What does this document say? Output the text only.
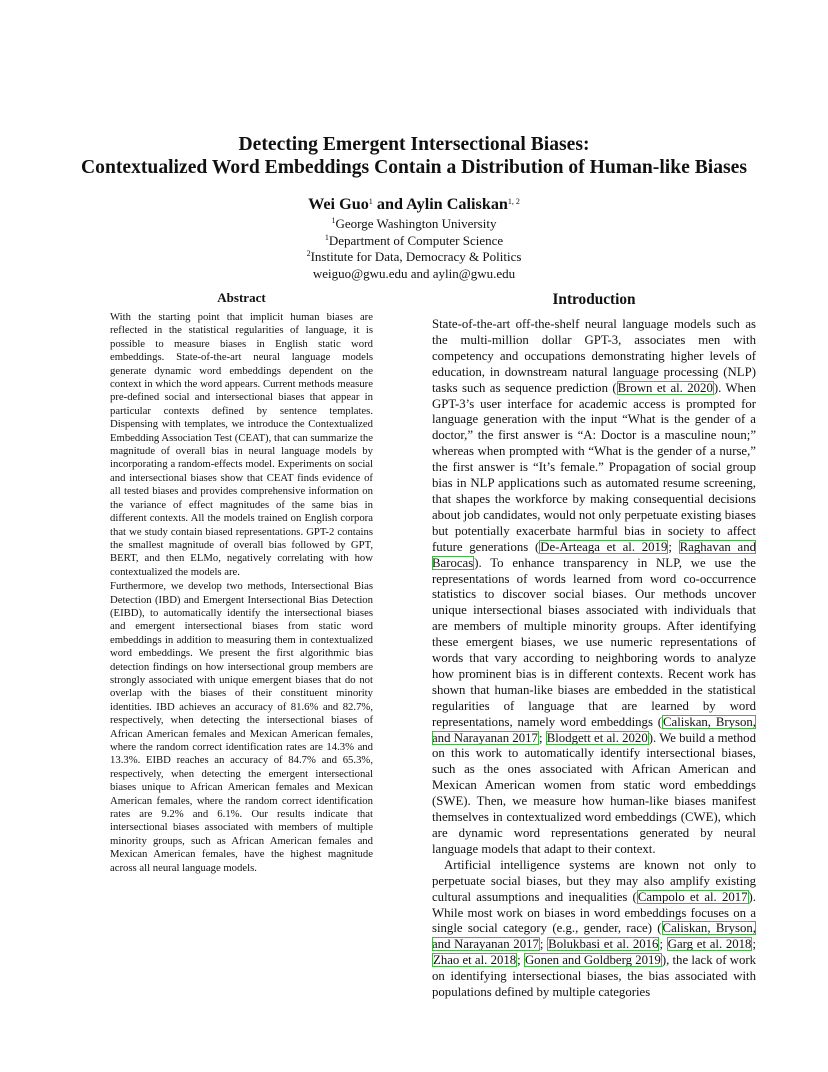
Detecting Emergent Intersectional Biases:
Contextualized Word Embeddings Contain a Distribution of Human-like Biases
Wei Guo$^1$ and Aylin Caliskan$^{1, 2}$
$^1$George Washington University
$^1$Department of Computer Science
$^2$Institute for Data, Democracy & Politics
weiguo@gwu.edu and aylin@gwu.edu
Abstract

With the starting point that implicit human biases are reflected in the statistical regularities of language, it is possible to measure biases in English static word embeddings. State-of-the-art neural language models generate dynamic word embeddings dependent on the context in which the word appears. Current methods measure pre-defined social and intersectional biases that appear in particular contexts defined by sentence templates. Dispensing with templates, we introduce the Contextualized Embedding Association Test (CEAT), that can summarize the magnitude of overall bias in neural language models by incorporating a random-effects model. Experiments on social and intersectional biases show that CEAT finds evidence of all tested biases and provides comprehensive information on the variance of effect magnitudes of the same bias in different contexts. All the models trained on English corpora that we study contain biased representations. GPT-2 contains the smallest magnitude of overall bias followed by GPT, BERT, and then ELMo, negatively correlating with how contextualized the models are.

Furthermore, we develop two methods, Intersectional Bias Detection (IBD) and Emergent Intersectional Bias Detection (EIBD), to automatically identify the intersectional biases and emergent intersectional biases from static word embeddings in addition to measuring them in contextualized word embeddings. We present the first algorithmic bias detection findings on how intersectional group members are strongly associated with unique emergent biases that do not overlap with the biases of their constituent minority identities. IBD achieves an accuracy of 81.6% and 82.7%, respectively, when detecting the intersectional biases of African American females and Mexican American females, where the random correct identification rates are 14.3% and 13.3%. EIBD reaches an accuracy of 84.7% and 65.3%, respectively, when detecting the emergent intersectional biases unique to African American females and Mexican American females, where the random correct identification rates are 9.2% and 6.1%. Our results indicate that intersectional biases associated with members of multiple minority groups, such as African American females and Mexican American females, have the highest magnitude across all neural language models.

Introduction

State-of-the-art off-the-shelf neural language models such as the multi-million dollar GPT-3, associates men with competency and occupations demonstrating higher levels of education, in downstream natural language processing (NLP) tasks such as sequence prediction (Brown et al. 2020). When GPT-3’s user interface for academic access is prompted for language generation with the input “What is the gender of a doctor,” the first answer is “A: Doctor is a masculine noun;” whereas when prompted with “What is the gender of a nurse,” the first answer is “It’s female.” Propagation of social group bias in NLP applications such as automated resume screening, that shapes the workforce by making consequential decisions about job candidates, would not only perpetuate existing biases but potentially exacerbate harmful bias in society to affect future generations (De-Arteaga et al. 2019; Raghavan and Barocas). To enhance transparency in NLP, we use the representations of words learned from word co-occurrence statistics to discover social biases. Our methods uncover unique intersectional biases associated with individuals that are members of multiple minority groups. After identifying these emergent biases, we use numeric representations of words that vary according to neighboring words to analyze how prominent bias is in different contexts. Recent work has shown that human-like biases are embedded in the statistical regularities of language that are learned by word representations, namely word embeddings (Caliskan, Bryson, and Narayanan 2017; Blodgett et al. 2020). We build a method on this work to automatically identify intersectional biases, such as the ones associated with African American and Mexican American women from static word embeddings (SWE). Then, we measure how human-like biases manifest themselves in contextualized word embeddings (CWE), which are dynamic word representations generated by neural language models that adapt to their context.

Artificial intelligence systems are known not only to perpetuate social biases, but they may also amplify existing cultural assumptions and inequalities (Campolo et al. 2017). While most work on biases in word embeddings focuses on a single social category (e.g., gender, race) (Caliskan, Bryson, and Narayanan 2017; Bolukbasi et al. 2016; Garg et al. 2018; Zhao et al. 2018; Gonen and Goldberg 2019), the lack of work on identifying intersectional biases, the bias associated with populations defined by multiple categories
